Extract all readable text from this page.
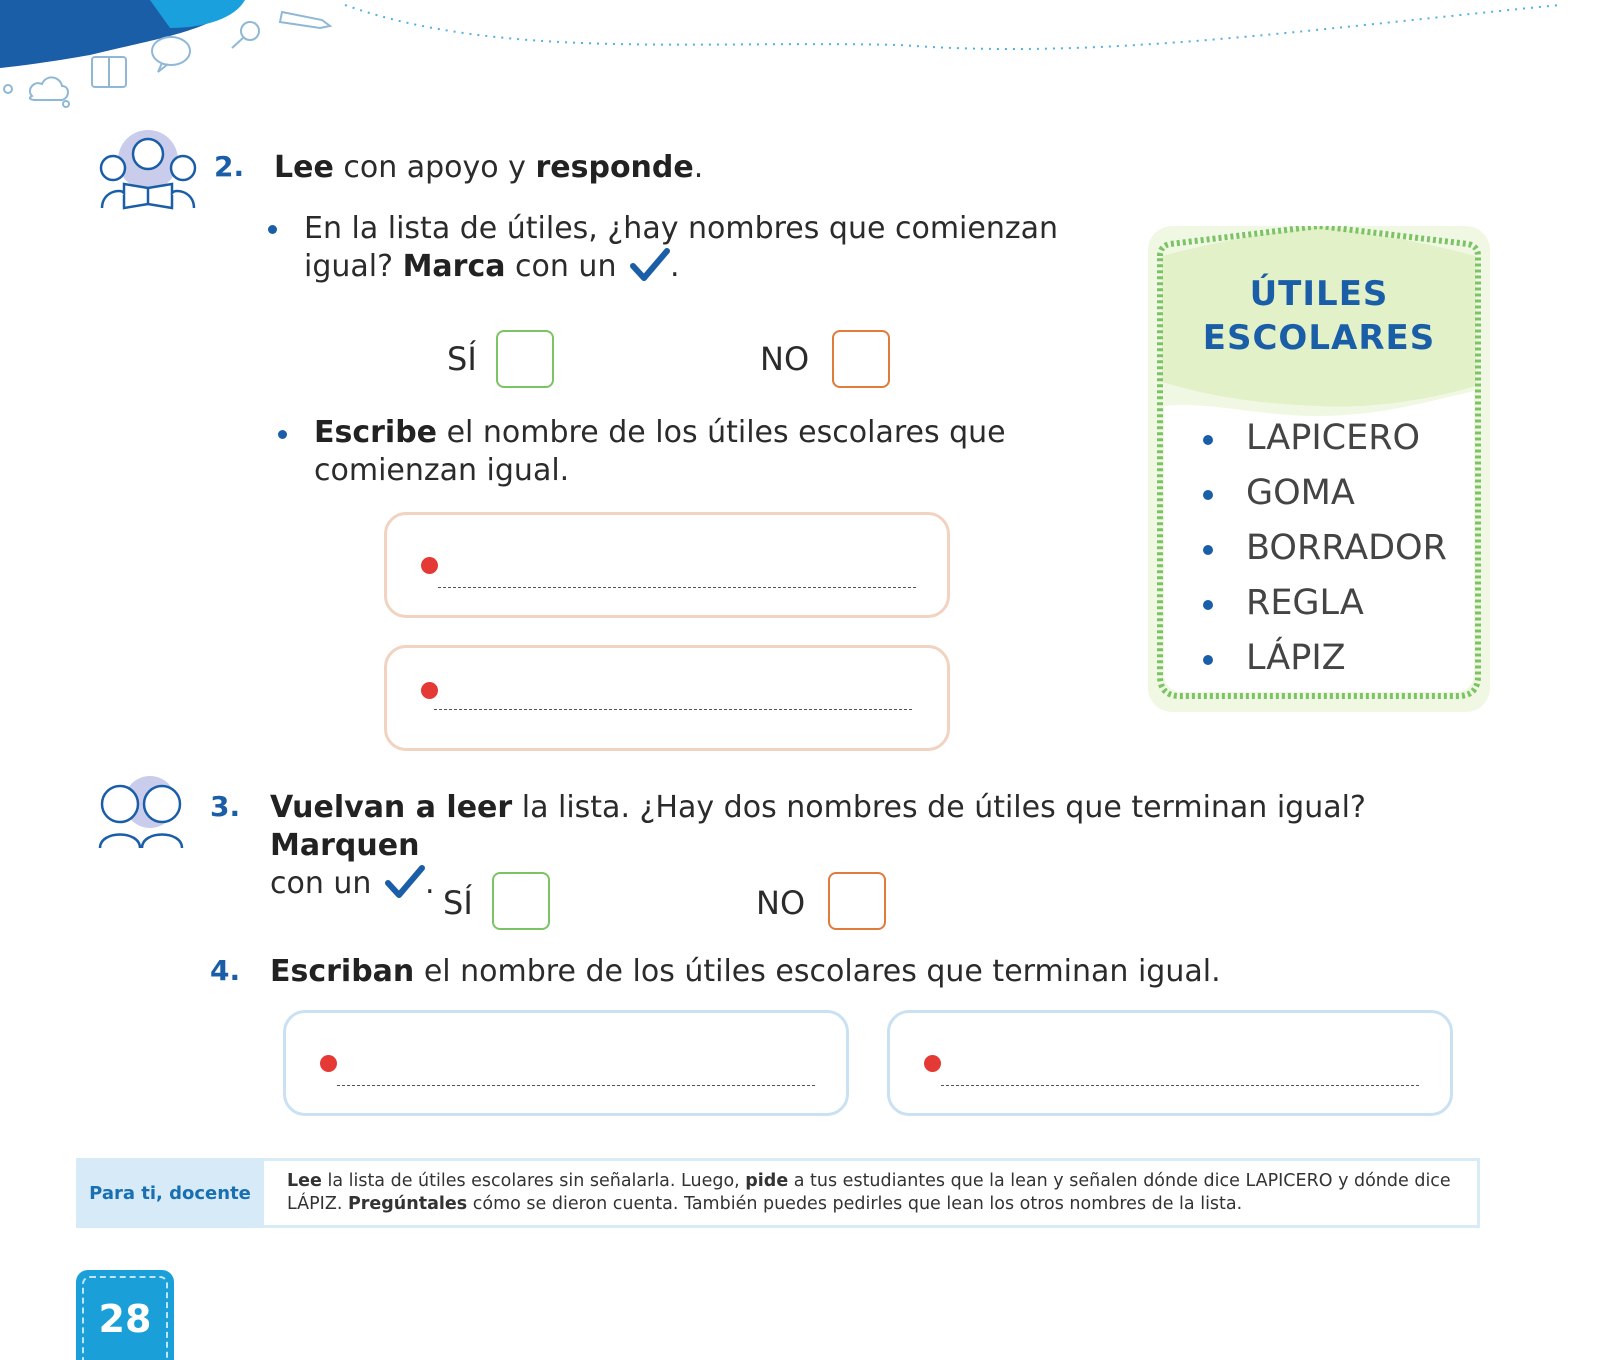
2. Lee con apoyo y responde.
En la lista de útiles, ¿hay nombres que comienzan
igual? Marca con un .
SÍ	NO
Escribe el nombre de los útiles escolares que
comienzan igual.
ÚTILES
ESCOLARES
LAPICERO
GOMA
BORRADOR
REGLA
LÁPIZ
3. Vuelvan a leer la lista. ¿Hay dos nombres de útiles que terminan igual? Marquen
con un .
SÍ	NO
4. Escriban el nombre de los útiles escolares que terminan igual.
Para ti, docente
Lee la lista de útiles escolares sin señalarla. Luego, pide a tus estudiantes que la lean y señalen dónde dice LAPICERO y dónde dice LÁPIZ. Pregúntales cómo se dieron cuenta. También puedes pedirles que lean los otros nombres de la lista.
28
